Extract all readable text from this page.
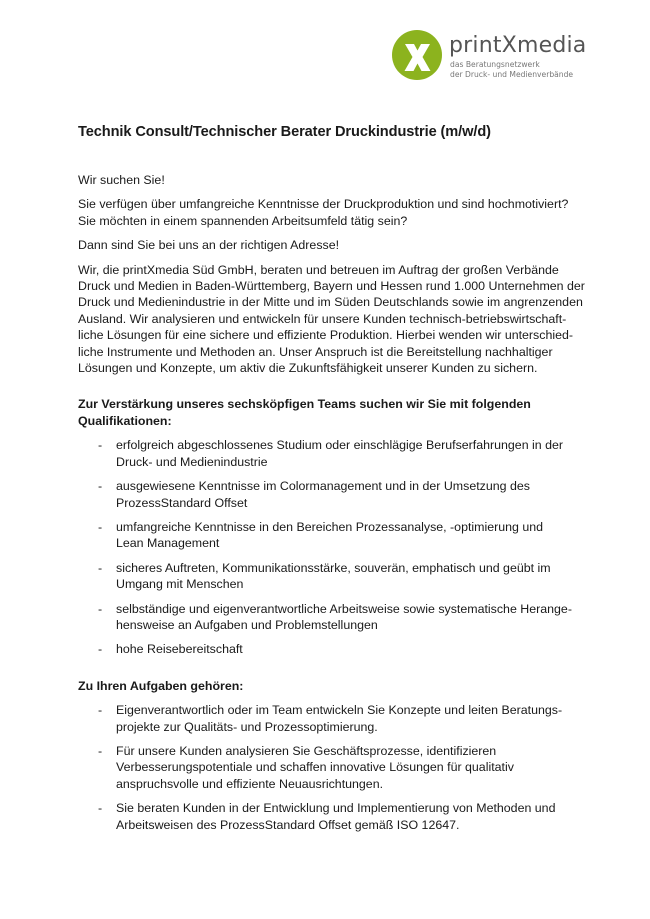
printXmedia
das Beratungsnetzwerk
der Druck- und Medienverbände
Technik Consult/Technischer Berater Druckindustrie (m/w/d)

Wir suchen Sie!

Sie verfügen über umfangreiche Kenntnisse der Druckproduktion und sind hochmotiviert?
Sie möchten in einem spannenden Arbeitsumfeld tätig sein?

Dann sind Sie bei uns an der richtigen Adresse!

Wir, die printXmedia Süd GmbH, beraten und betreuen im Auftrag der großen Verbände
Druck und Medien in Baden-Württemberg, Bayern und Hessen rund 1.000 Unternehmen der
Druck und Medienindustrie in der Mitte und im Süden Deutschlands sowie im angrenzenden
Ausland. Wir analysieren und entwickeln für unsere Kunden technisch-betriebswirtschaft-
liche Lösungen für eine sichere und effiziente Produktion. Hierbei wenden wir unterschied-
liche Instrumente und Methoden an. Unser Anspruch ist die Bereitstellung nachhaltiger
Lösungen und Konzepte, um aktiv die Zukunftsfähigkeit unserer Kunden zu sichern.

Zur Verstärkung unseres sechsköpfigen Teams suchen wir Sie mit folgenden
Qualifikationen:
- erfolgreich abgeschlossenes Studium oder einschlägige Berufserfahrungen in der
Druck- und Medienindustrie
- ausgewiesene Kenntnisse im Colormanagement und in der Umsetzung des
ProzessStandard Offset
- umfangreiche Kenntnisse in den Bereichen Prozessanalyse, -optimierung und
Lean Management
- sicheres Auftreten, Kommunikationsstärke, souverän, emphatisch und geübt im
Umgang mit Menschen
- selbständige und eigenverantwortliche Arbeitsweise sowie systematische Herange-
hensweise an Aufgaben und Problemstellungen
- hohe Reisebereitschaft
Zu Ihren Aufgaben gehören:
- Eigenverantwortlich oder im Team entwickeln Sie Konzepte und leiten Beratungs-
projekte zur Qualitäts- und Prozessoptimierung.
- Für unsere Kunden analysieren Sie Geschäftsprozesse, identifizieren
Verbesserungspotentiale und schaffen innovative Lösungen für qualitativ
anspruchsvolle und effiziente Neuausrichtungen.
- Sie beraten Kunden in der Entwicklung und Implementierung von Methoden und
Arbeitsweisen des ProzessStandard Offset gemäß ISO 12647.
